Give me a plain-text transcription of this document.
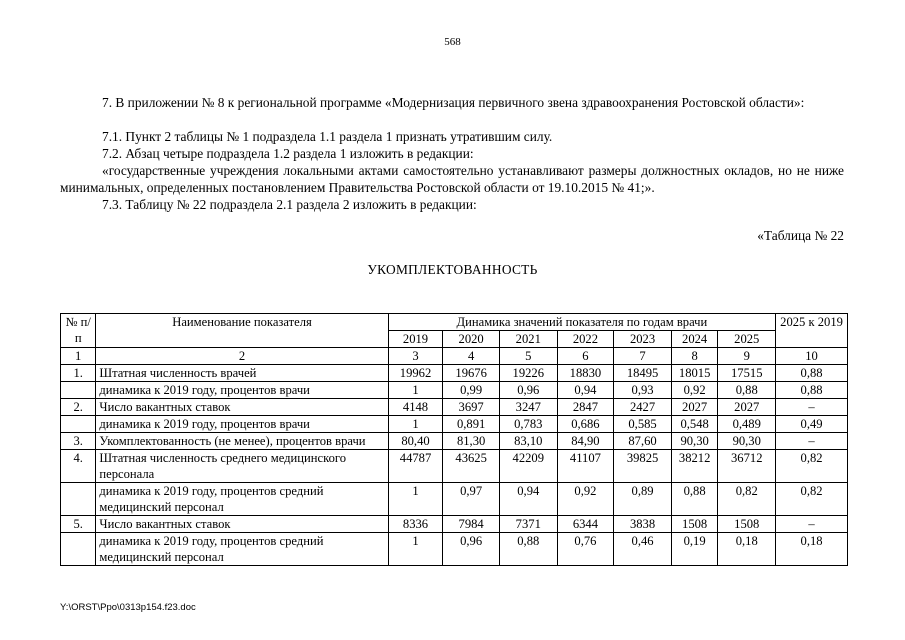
568

7. В приложении № 8 к региональной программе «Модернизация первичного звена здравоохранения Ростовской области»:

7.1. Пункт 2 таблицы № 1 подраздела 1.1 раздела 1 признать утратившим силу.

7.2. Абзац четыре подраздела 1.2 раздела 1 изложить в редакции:

«государственные учреждения локальными актами самостоятельно устанавливают размеры должностных окладов, но не ниже минимальных, определенных постановлением Правительства Ростовской области от 19.10.2015 № 41;».

7.3. Таблицу № 22 подраздела 2.1 раздела 2 изложить в редакции:

«Таблица № 22
УКОМПЛЕКТОВАННОСТЬ
№ п/п	Наименование показателя	Динамика значений показателя по годам врачи							2025 к 2019
		2019	2020	2021	2022	2023	2024	2025	
1	2	3	4	5	6	7	8	9	10
1.	Штатная численность врачей	19962	19676	19226	18830	18495	18015	17515	0,88
	динамика к 2019 году, процентов врачи	1	0,99	0,96	0,94	0,93	0,92	0,88	0,88
2.	Число вакантных ставок	4148	3697	3247	2847	2427	2027	2027	–
	динамика к 2019 году, процентов врачи	1	0,891	0,783	0,686	0,585	0,548	0,489	0,49
3.	Укомплектованность (не менее), процентов врачи	80,40	81,30	83,10	84,90	87,60	90,30	90,30	–
4.	Штатная численность среднего медицинского персонала	44787	43625	42209	41107	39825	38212	36712	0,82
	динамика к 2019 году, процентов средний медицинский персонал	1	0,97	0,94	0,92	0,89	0,88	0,82	0,82
5.	Число вакантных ставок	8336	7984	7371	6344	3838	1508	1508	–
	динамика к 2019 году, процентов средний медицинский персонал	1	0,96	0,88	0,76	0,46	0,19	0,18	0,18
Y:\ORST\Ppo\0313p154.f23.doc
